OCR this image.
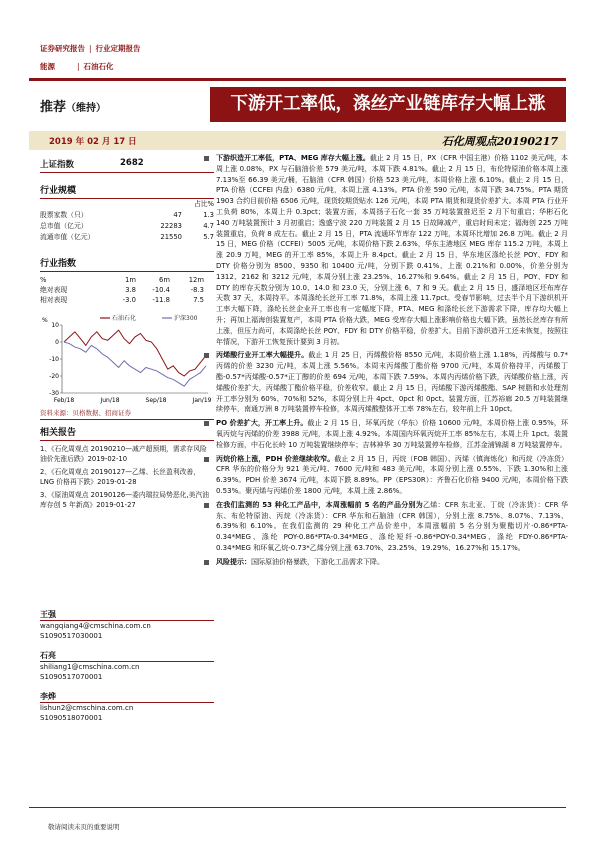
证券研究报告 | 行业定期报告
能源	| 石油石化
推荐（维持）	下游开工率低，涤丝产业链库存大幅上涨
2019 年 02 月 17 日	石化周观点20190217
上证指数	2682
行业规模
占比%
股票家数（只）	47	1.3
总市值（亿元）	22283	4.7
流通市值（亿元）	21550	5.7
行业指数
%	1m	6m	12m
绝对表现	3.8	-10.4	-8.3
相对表现	-3.0	-11.8	7.5
%
10
0
-10
-20
-30
Feb/18	Jun/18	Sep/18	Jan/19
石油石化	沪深300
资料来源：贝格数据、招商证券
相关报告

1、《石化周观点 20190210—减产超预期，需求存风险 油价先涨后跌》2019-02-10

2、《石化周观点 20190127—乙烯、长丝盈利改善，LNG 价格再下跌》2019-01-28

3、《原油周观点 20190126—委内瑞拉局势恶化,美汽油库存创 5 年新高》2019-01-27

王强
wangqiang4@cmschina.com.cn
S1090517030001
石亮
shiliang1@cmschina.com.cn
S1090517070001
李烨
lishun2@cmschina.com.cn
S1090518070001
下游织造开工率低，PTA、MEG 库存大幅上涨。截止 2 月 15 日，PX（CFR 中国主港）价格 1102 美元/吨，本周上涨 0.08%，PX 与石脑油价差 579 美元/吨，本周下跌 4.81%。截止 2 月 15 日，布伦特原油价格本周上涨 7.13%至 66.39 美元/桶，石脑油（CFR 韩国）价格 523 美元/吨，本周价格上涨 6.10%。截止 2 月 15 日，PTA 价格（CCFEI 内盘）6380 元/吨，本周上涨 4.13%。PTA 价差 590 元/吨，本周下跌 34.75%。PTA 期货 1903 合约目前价格 6506 元/吨，现货较期货贴水 126 元/吨，本周 PTA 期货和现货价差扩大。本周 PTA 行业开工负荷 80%，本周上升 0.3pct；装置方面，本周扬子石化一套 35 万吨装置推迟至 2 月下旬重启；华彬石化 140 万吨装置预计 3 月初重启；逸盛宁波 220 万吨装置 2 月 15 日故障减产，重启时间未定；福海创 225 万吨装置重启，负荷 8 成左右。截止 2 月 15 日，PTA 流通环节库存 122 万吨，本周环比增加 26.8 万吨。截止 2 月 15 日，MEG 价格（CCFEI）5005 元/吨，本周价格下跌 2.63%，华东主港地区 MEG 库存 115.2 万吨，本周上涨 20.9 万吨，MEG 的开工率 85%，本周上升 8.4pct。截止 2 月 15 日，华东地区涤纶长丝 POY、FDY 和 DTY 价格分别为 8500、9350 和 10400 元/吨，分别下跌 0.41%、上涨 0.21%和 0.00%，价差分别为 1312、2162 和 3212 元/吨，本周分别上涨 23.25%、16.27%和 9.64%。截止 2 月 15 日，POY、FDY 和 DTY 的库存天数分别为 10.0、14.0 和 23.0 天，分别上涨 6、7 和 9 天。截止 2 月 15 日，盛泽地区坯布库存天数 37 天，本周持平。本周涤纶长丝开工率 71.8%，本周上涨 11.7pct。受春节影响，过去半个月下游织机开工率大幅下降，涤纶长丝企业开工率也有一定幅度下降，PTA、MEG 和涤纶长丝下游需求下降，库存均大幅上升；再加上福海创装置复产，本周 PTA 价格大跌，MEG 受库存大幅上涨影响价格也大幅下跌，虽然长丝库存有所上涨，但压力尚可，本周涤纶长丝 POY、FDY 和 DTY 价格平稳，价差扩大。目前下游织造开工还未恢复，按照往年情况，下游开工恢复预计要到 3 月初。
丙烯酸行业开工率大幅提升。截止 1 月 25 日，丙烯酸价格 8550 元/吨，本周价格上涨 1.18%，丙烯酸与 0.7*丙烯的价差 3230 元/吨，本周上涨 5.56%。本周末丙烯酸丁酯价格 9700 元/吨，本周价格持平，丙烯酸丁酯-0.57*丙烯酸-0.57*正丁醇的价差 694 元/吨，本周下跌 7.59%。本周内丙烯价格下跌，丙烯酸价格上涨，丙烯酸价差扩大，丙烯酸丁酯价格平稳，价差收窄。截止 2 月 15 日，丙烯酸下游丙烯酸酯、SAP 树脂和水处理剂开工率分别为 60%、70%和 52%，本周分别上升 4pct、0pct 和 0pct。装置方面，江苏裕廊 20.5 万吨装置继续停车，南通万洲 8 万吨装置停车检修，本周丙烯酸整体开工率 78%左右，较年前上升 10pct。
PO 价差扩大，开工率上升。截止 2 月 15 日，环氧丙烷（华东）价格 10600 元/吨，本周价格上涨 0.95%，环氧丙烷与丙烯的价差 3988 元/吨，本周上涨 4.92%。本周国内环氧丙烷开工率 85%左右，本周上升 1pct。装置检修方面，中石化长岭 10 万吨装置继续停车；吉林神华 30 万吨装置停车检修，江苏金浦锦湖 8 万吨装置停车。
丙烷价格上涨，PDH 价差继续收窄。截止 2 月 15 日，丙烷（FOB 韩国）、丙烯（镇海炼化）和丙烷（冷冻货）CFR 华东的价格分为 921 美元/吨、7600 元/吨和 483 美元/吨，本周分别上涨 0.55%、下跌 1.30%和上涨 6.39%。PDH 价差 3674 元/吨，本周下跌 8.89%。PP（EPS30R）：齐鲁石化价格 9400 元/吨，本周价格下跌 0.53%。聚丙烯与丙烯价差 1800 元/吨，本周上涨 2.86%。
在我们监测的 53 种化工产品中，本周涨幅前 5 名的产品分别为乙烯：CFR 东北亚、丁烷（冷冻货）：CFR 华东、布伦特原油、丙烷（冷冻货）：CFR 华东和石脑油（CFR 韩国），分别上涨 8.75%、8.07%、7.13%、6.39%和 6.10%。在我们监测的 29 种化工产品价差中，本周涨幅前 5 名分别为聚酯切片-0.86*PTA-0.34*MEG、涤纶 POY-0.86*PTA-0.34*MEG、涤纶短纤-0.86*POY-0.34*MEG、涤纶 FDY-0.86*PTA-0.34*MEG 和环氧乙烷-0.73*乙烯分别上涨 63.70%、23.25%、19.29%、16.27%和 15.17%。
风险提示：国际原油价格暴跌，下游化工品需求下降。
敬请阅读末页的重要说明
